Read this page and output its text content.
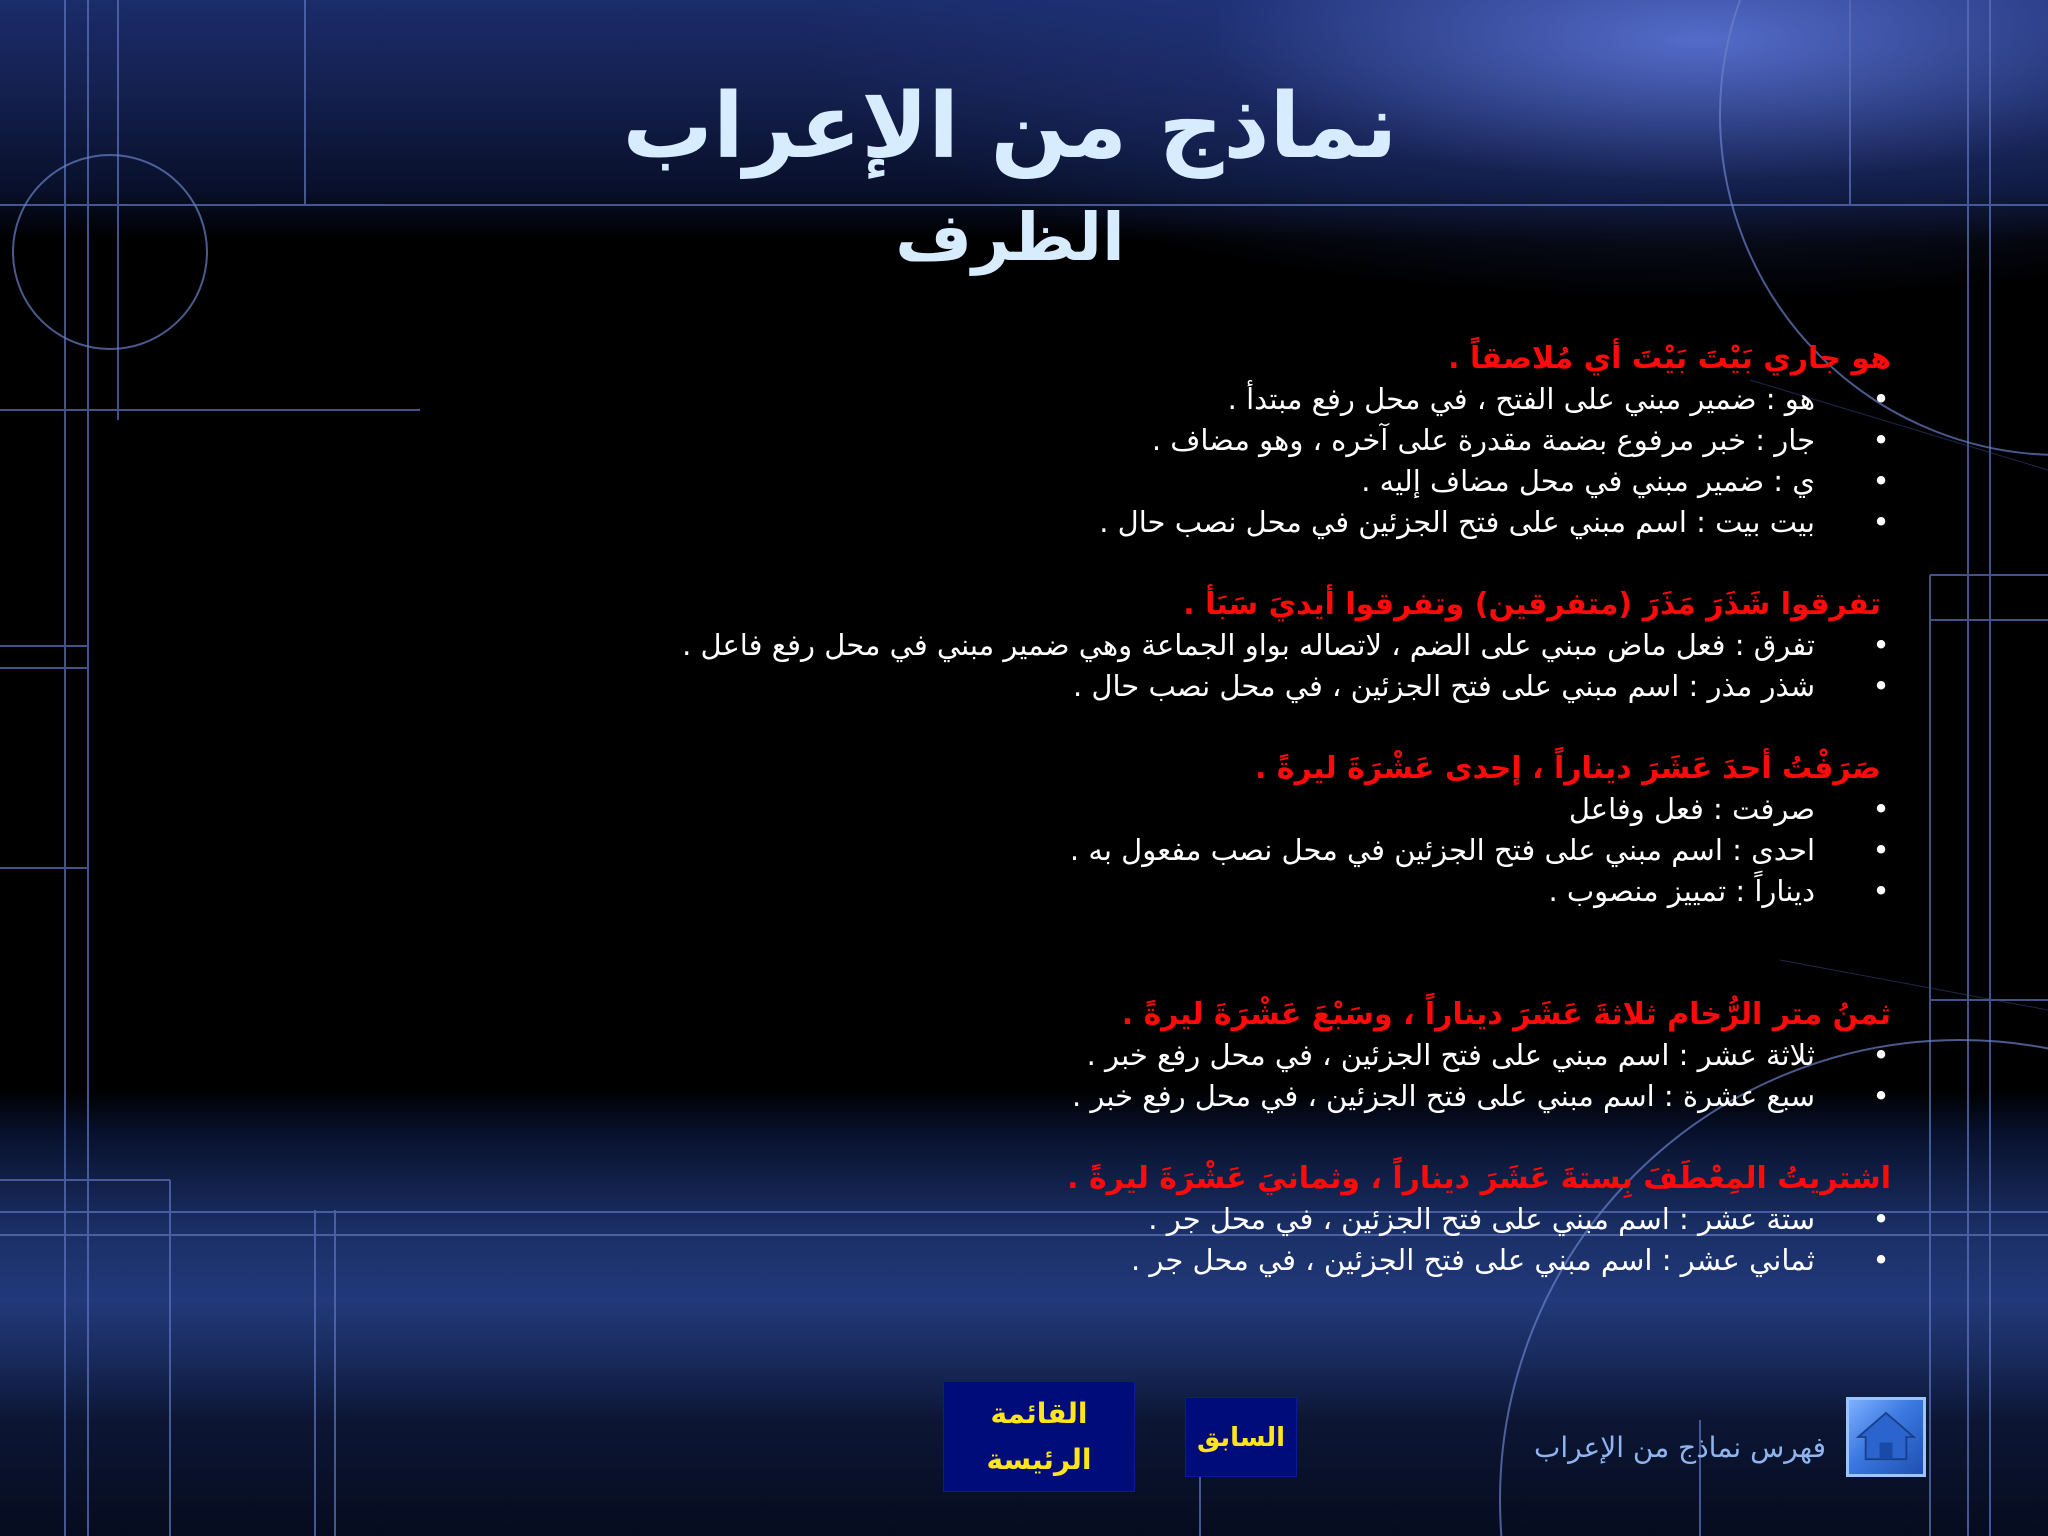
نماذج من الإعراب
الظرف

هو جاري بَيْتَ بَيْتَ أي مُلاصقاً .

•
هو : ضمير مبني على الفتح ، في محل رفع مبتدأ .
•
جار : خبر مرفوع بضمة مقدرة على آخره ، وهو مضاف .
•
ي : ضمير مبني في محل مضاف إليه .
•
بيت بيت : اسم مبني على فتح الجزئين في محل نصب حال .

تفرقوا شَذَرَ مَذَرَ (متفرقين) وتفرقوا أيديَ سَبَأ .

•
تفرق : فعل ماض مبني على الضم ، لاتصاله بواو الجماعة وهي ضمير مبني في محل رفع فاعل .
•
شذر مذر : اسم مبني على فتح الجزئين ، في محل نصب حال .

صَرَفْتُ أحدَ عَشَرَ ديناراً ، إحدى عَشْرَةَ ليرةً .

•
صرفت : فعل وفاعل
•
احدى : اسم مبني على فتح الجزئين في محل نصب مفعول به .
•
ديناراً : تمييز منصوب .

ثمنُ متر الرُّخام ثلاثةَ عَشَرَ ديناراً ، وسَبْعَ عَشْرَةَ ليرةً .

•
ثلاثة عشر : اسم مبني على فتح الجزئين ، في محل رفع خبر .
•
سبع عشرة : اسم مبني على فتح الجزئين ، في محل رفع خبر .

اشتريتُ المِعْطَفَ بِستةَ عَشَرَ ديناراً ، وثمانيَ عَشْرَةَ ليرةً .

•
ستة عشر : اسم مبني على فتح الجزئين ، في محل جر .
•
ثماني عشر : اسم مبني على فتح الجزئين ، في محل جر .
القائمة
الرئيسة
السابق	فهرس نماذج من الإعراب
